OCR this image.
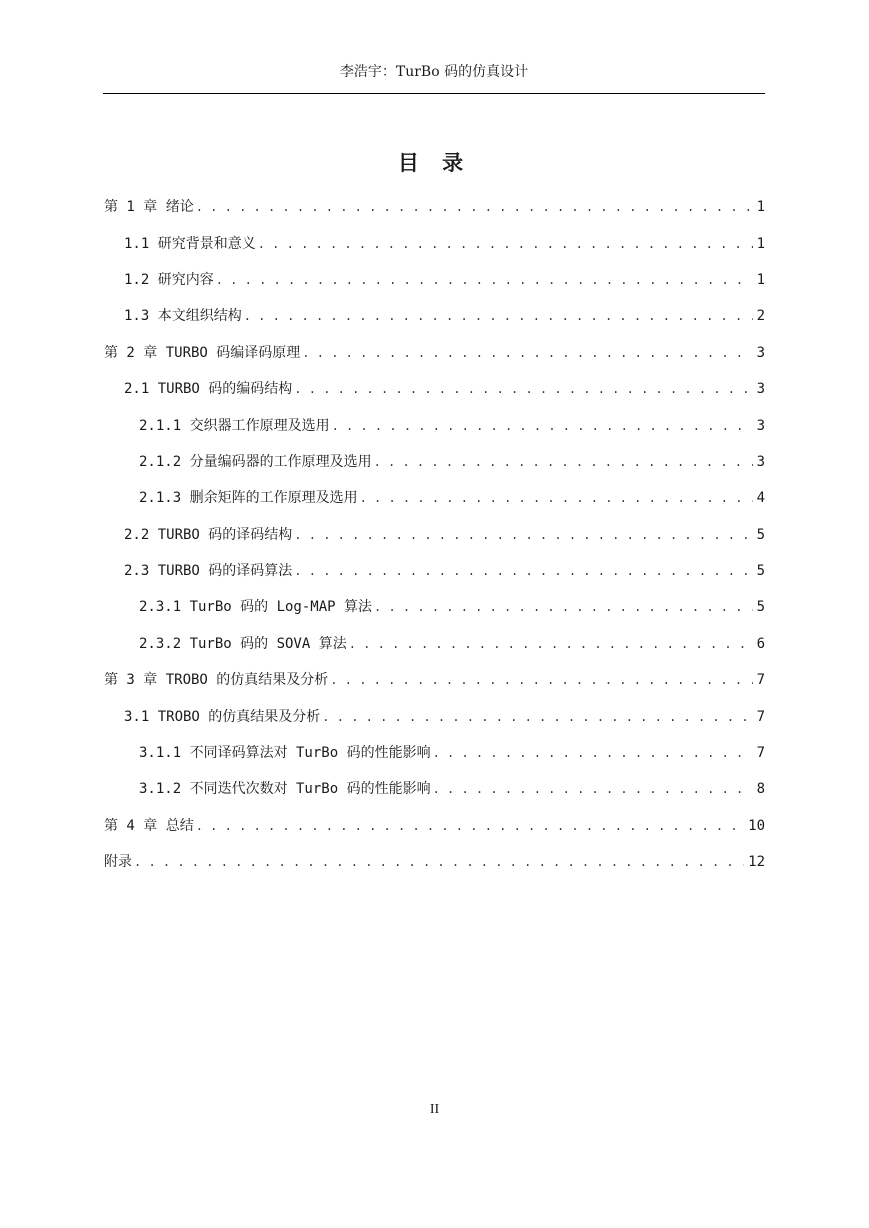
李浩宇：TurBo 码的仿真设计
目 录
第 1 章 绪论 . . .	1
1.1 研究背景和意义 . . .	1
1.2 研究内容 . . .	1
1.3 本文组织结构 . . .	2
第 2 章 TURBO 码编译码原理 . . .	3
2.1 TURBO 码的编码结构 . . .	3
2.1.1 交织器工作原理及选用 . . .	3
2.1.2 分量编码器的工作原理及选用 . . .	3
2.1.3 删余矩阵的工作原理及选用 . . .	4
2.2 TURBO 码的译码结构 . . .	5
2.3 TURBO 码的译码算法 . . .	5
2.3.1 TurBo 码的 Log-MAP 算法 . . .	5
2.3.2 TurBo 码的 SOVA 算法 . . .	6
第 3 章 TROBO 的仿真结果及分析 . . .	7
3.1 TROBO 的仿真结果及分析 . . .	7
3.1.1 不同译码算法对 TurBo 码的性能影响 . . .	7
3.1.2 不同迭代次数对 TurBo 码的性能影响 . . .	8
第 4 章 总结 . . .	10
附录 . . .	12
II
